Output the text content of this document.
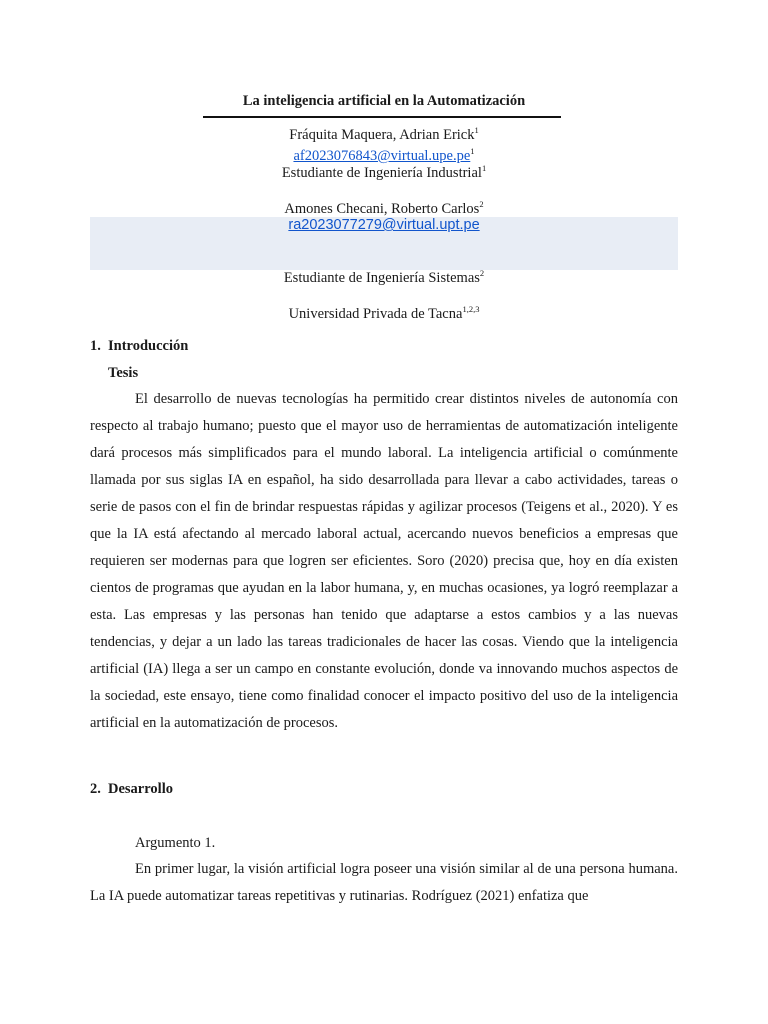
La inteligencia artificial en la Automatización
Fráquita Maquera, Adrian Erick$^1$
$af2023076843@virtual.upe.pe^1$
Estudiante de Ingeniería Industrial$^1$
Amones Checani, Roberto Carlos$^2$
ra2023077279@virtual.upt.pe
Estudiante de Ingeniería Sistemas$^2$
Universidad Privada de Tacna$^{1,2,3}$
1. Introducción
Tesis

El desarrollo de nuevas tecnologías ha permitido crear distintos niveles de autonomía con respecto al trabajo humano; puesto que el mayor uso de herramientas de automatización inteligente dará procesos más simplificados para el mundo laboral. La inteligencia artificial o comúnmente llamada por sus siglas IA en español, ha sido desarrollada para llevar a cabo actividades, tareas o serie de pasos con el fin de brindar respuestas rápidas y agilizar procesos (Teigens et al., 2020). Y es que la IA está afectando al mercado laboral actual, acercando nuevos beneficios a empresas que requieren ser modernas para que logren ser eficientes. Soro (2020) precisa que, hoy en día existen cientos de programas que ayudan en la labor humana, y, en muchas ocasiones, ya logró reemplazar a esta. Las empresas y las personas han tenido que adaptarse a estos cambios y a las nuevas tendencias, y dejar a un lado las tareas tradicionales de hacer las cosas. Viendo que la inteligencia artificial (IA) llega a ser un campo en constante evolución, donde va innovando muchos aspectos de la sociedad, este ensayo, tiene como finalidad conocer el impacto positivo del uso de la inteligencia artificial en la automatización de procesos.

2. Desarrollo
Argumento 1.

En primer lugar, la visión artificial logra poseer una visión similar al de una persona humana. La IA puede automatizar tareas repetitivas y rutinarias. Rodríguez (2021) enfatiza que
